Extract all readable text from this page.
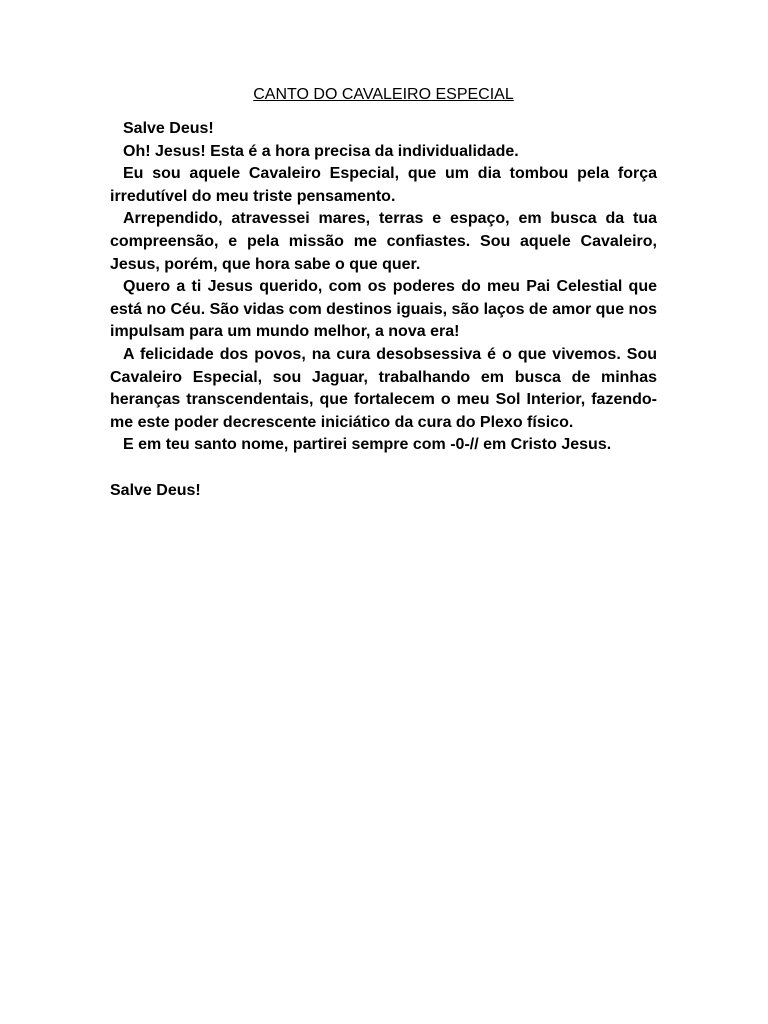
CANTO DO CAVALEIRO ESPECIAL

Salve Deus!

Oh! Jesus! Esta é a hora precisa da individualidade.

Eu sou aquele Cavaleiro Especial, que um dia tombou pela força irredutível do meu triste pensamento.

Arrependido, atravessei mares, terras e espaço, em busca da tua compreensão, e pela missão me confiastes. Sou aquele Cavaleiro, Jesus, porém, que hora sabe o que quer.

Quero a ti Jesus querido, com os poderes do meu Pai Celestial que está no Céu. São vidas com destinos iguais, são laços de amor que nos impulsam para um mundo melhor, a nova era!

A felicidade dos povos, na cura desobsessiva é o que vivemos. Sou Cavaleiro Especial, sou Jaguar, trabalhando em busca de minhas heranças transcendentais, que fortalecem o meu Sol Interior, fazendo-me este poder decrescente iniciático da cura do Plexo físico.

E em teu santo nome, partirei sempre com -0-// em Cristo Jesus.

Salve Deus!
